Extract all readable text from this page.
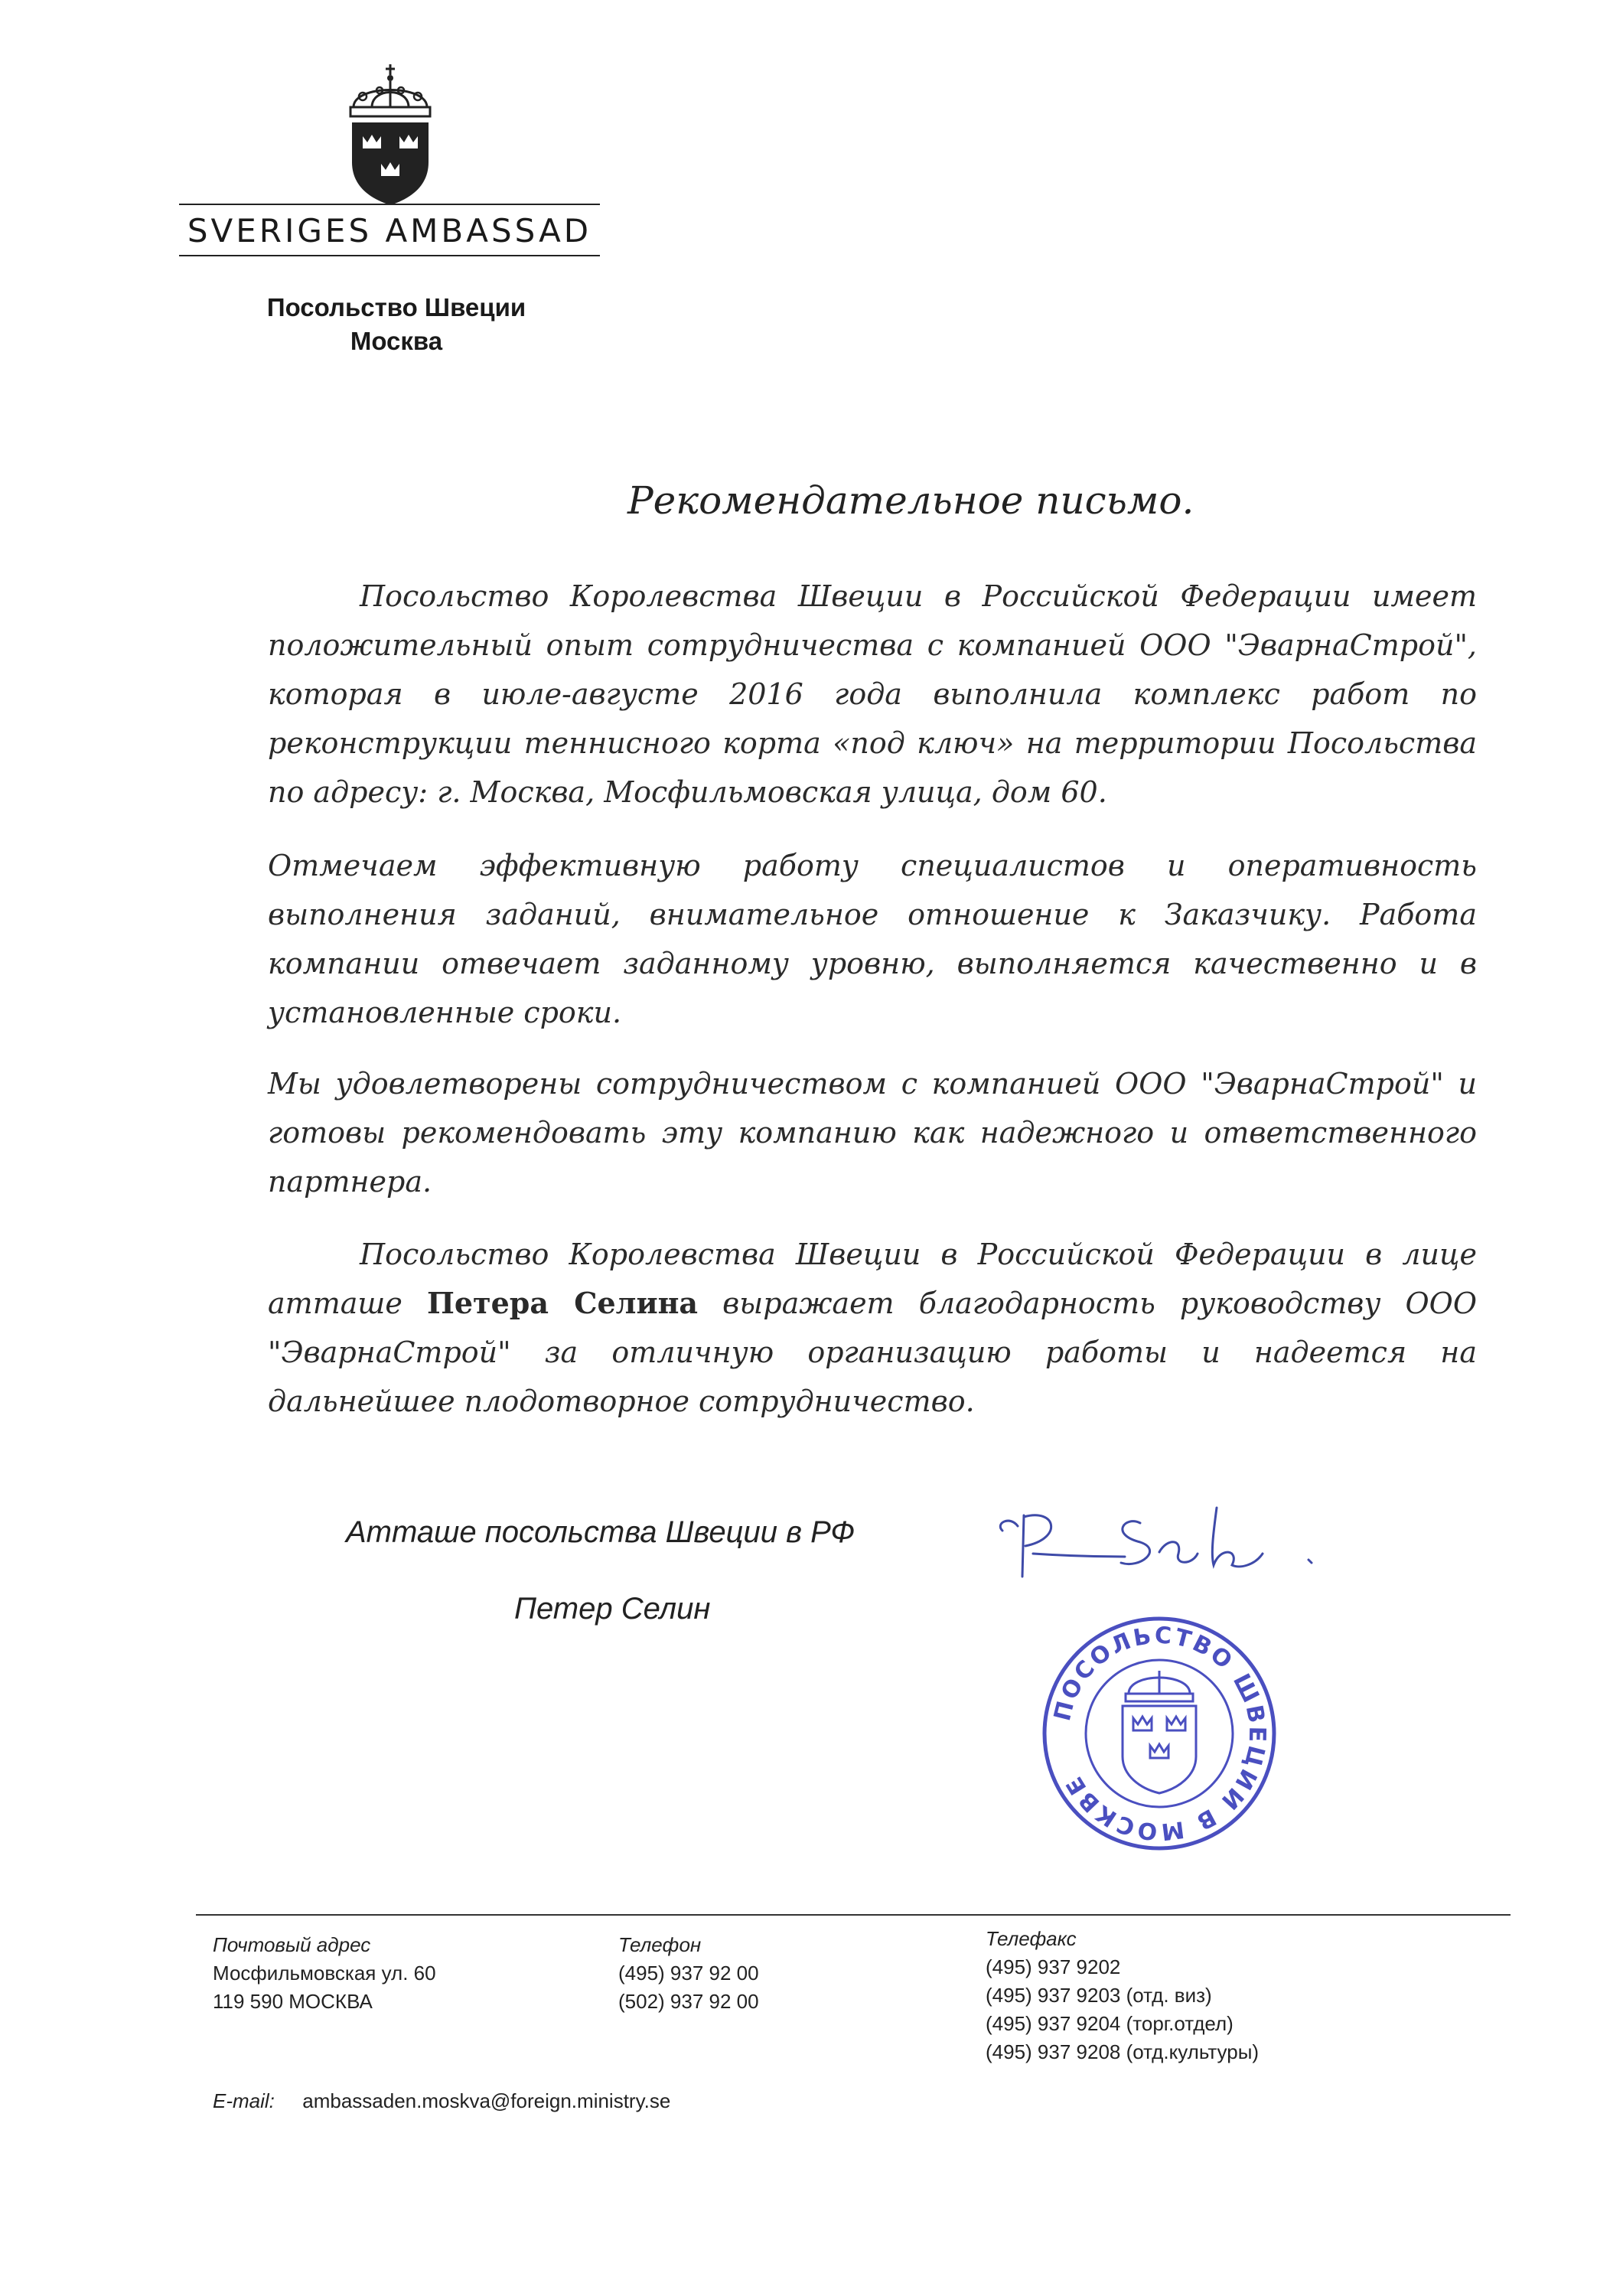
SVERIGES AMBASSAD
Посольство Швеции
Москва
Рекомендательное письмо.

Посольство Королевства Швеции в Российской Федерации имеет положительный опыт сотрудничества с компанией ООО "ЭварнаСтрой", которая в июле-августе 2016 года выполнила комплекс работ по реконструкции теннисного корта «под ключ» на территории Посольства по адресу: г. Москва, Мосфильмовская улица, дом 60.

Отмечаем эффективную работу специалистов и оперативность выполнения заданий, внимательное отношение к Заказчику. Работа компании отвечает заданному уровню, выполняется качественно и в установленные сроки.

Мы удовлетворены сотрудничеством с компанией ООО "ЭварнаСтрой" и готовы рекомендовать эту компанию как надежного и ответственного партнера.

Посольство Королевства Швеции в Российской Федерации в лице атташе Петера Селина выражает благодарность руководству ООО "ЭварнаСтрой" за отличную организацию работы и надеется на дальнейшее плодотворное сотрудничество.

Атташе посольства Швеции в РФ
Петер Селин
ПОСОЛЬСТВО ШВЕЦИИ В МОСКВЕ
Почтовый адрес
Мосфильмовская ул. 60
119 590 МОСКВА
Телефон
(495) 937 92 00
(502) 937 92 00
Телефакс
(495) 937 9202
(495) 937 9203 (отд. виз)
(495) 937 9204 (торг.отдел)
(495) 937 9208 (отд.культуры)
E-mail: ambassaden.moskva@foreign.ministry.se
